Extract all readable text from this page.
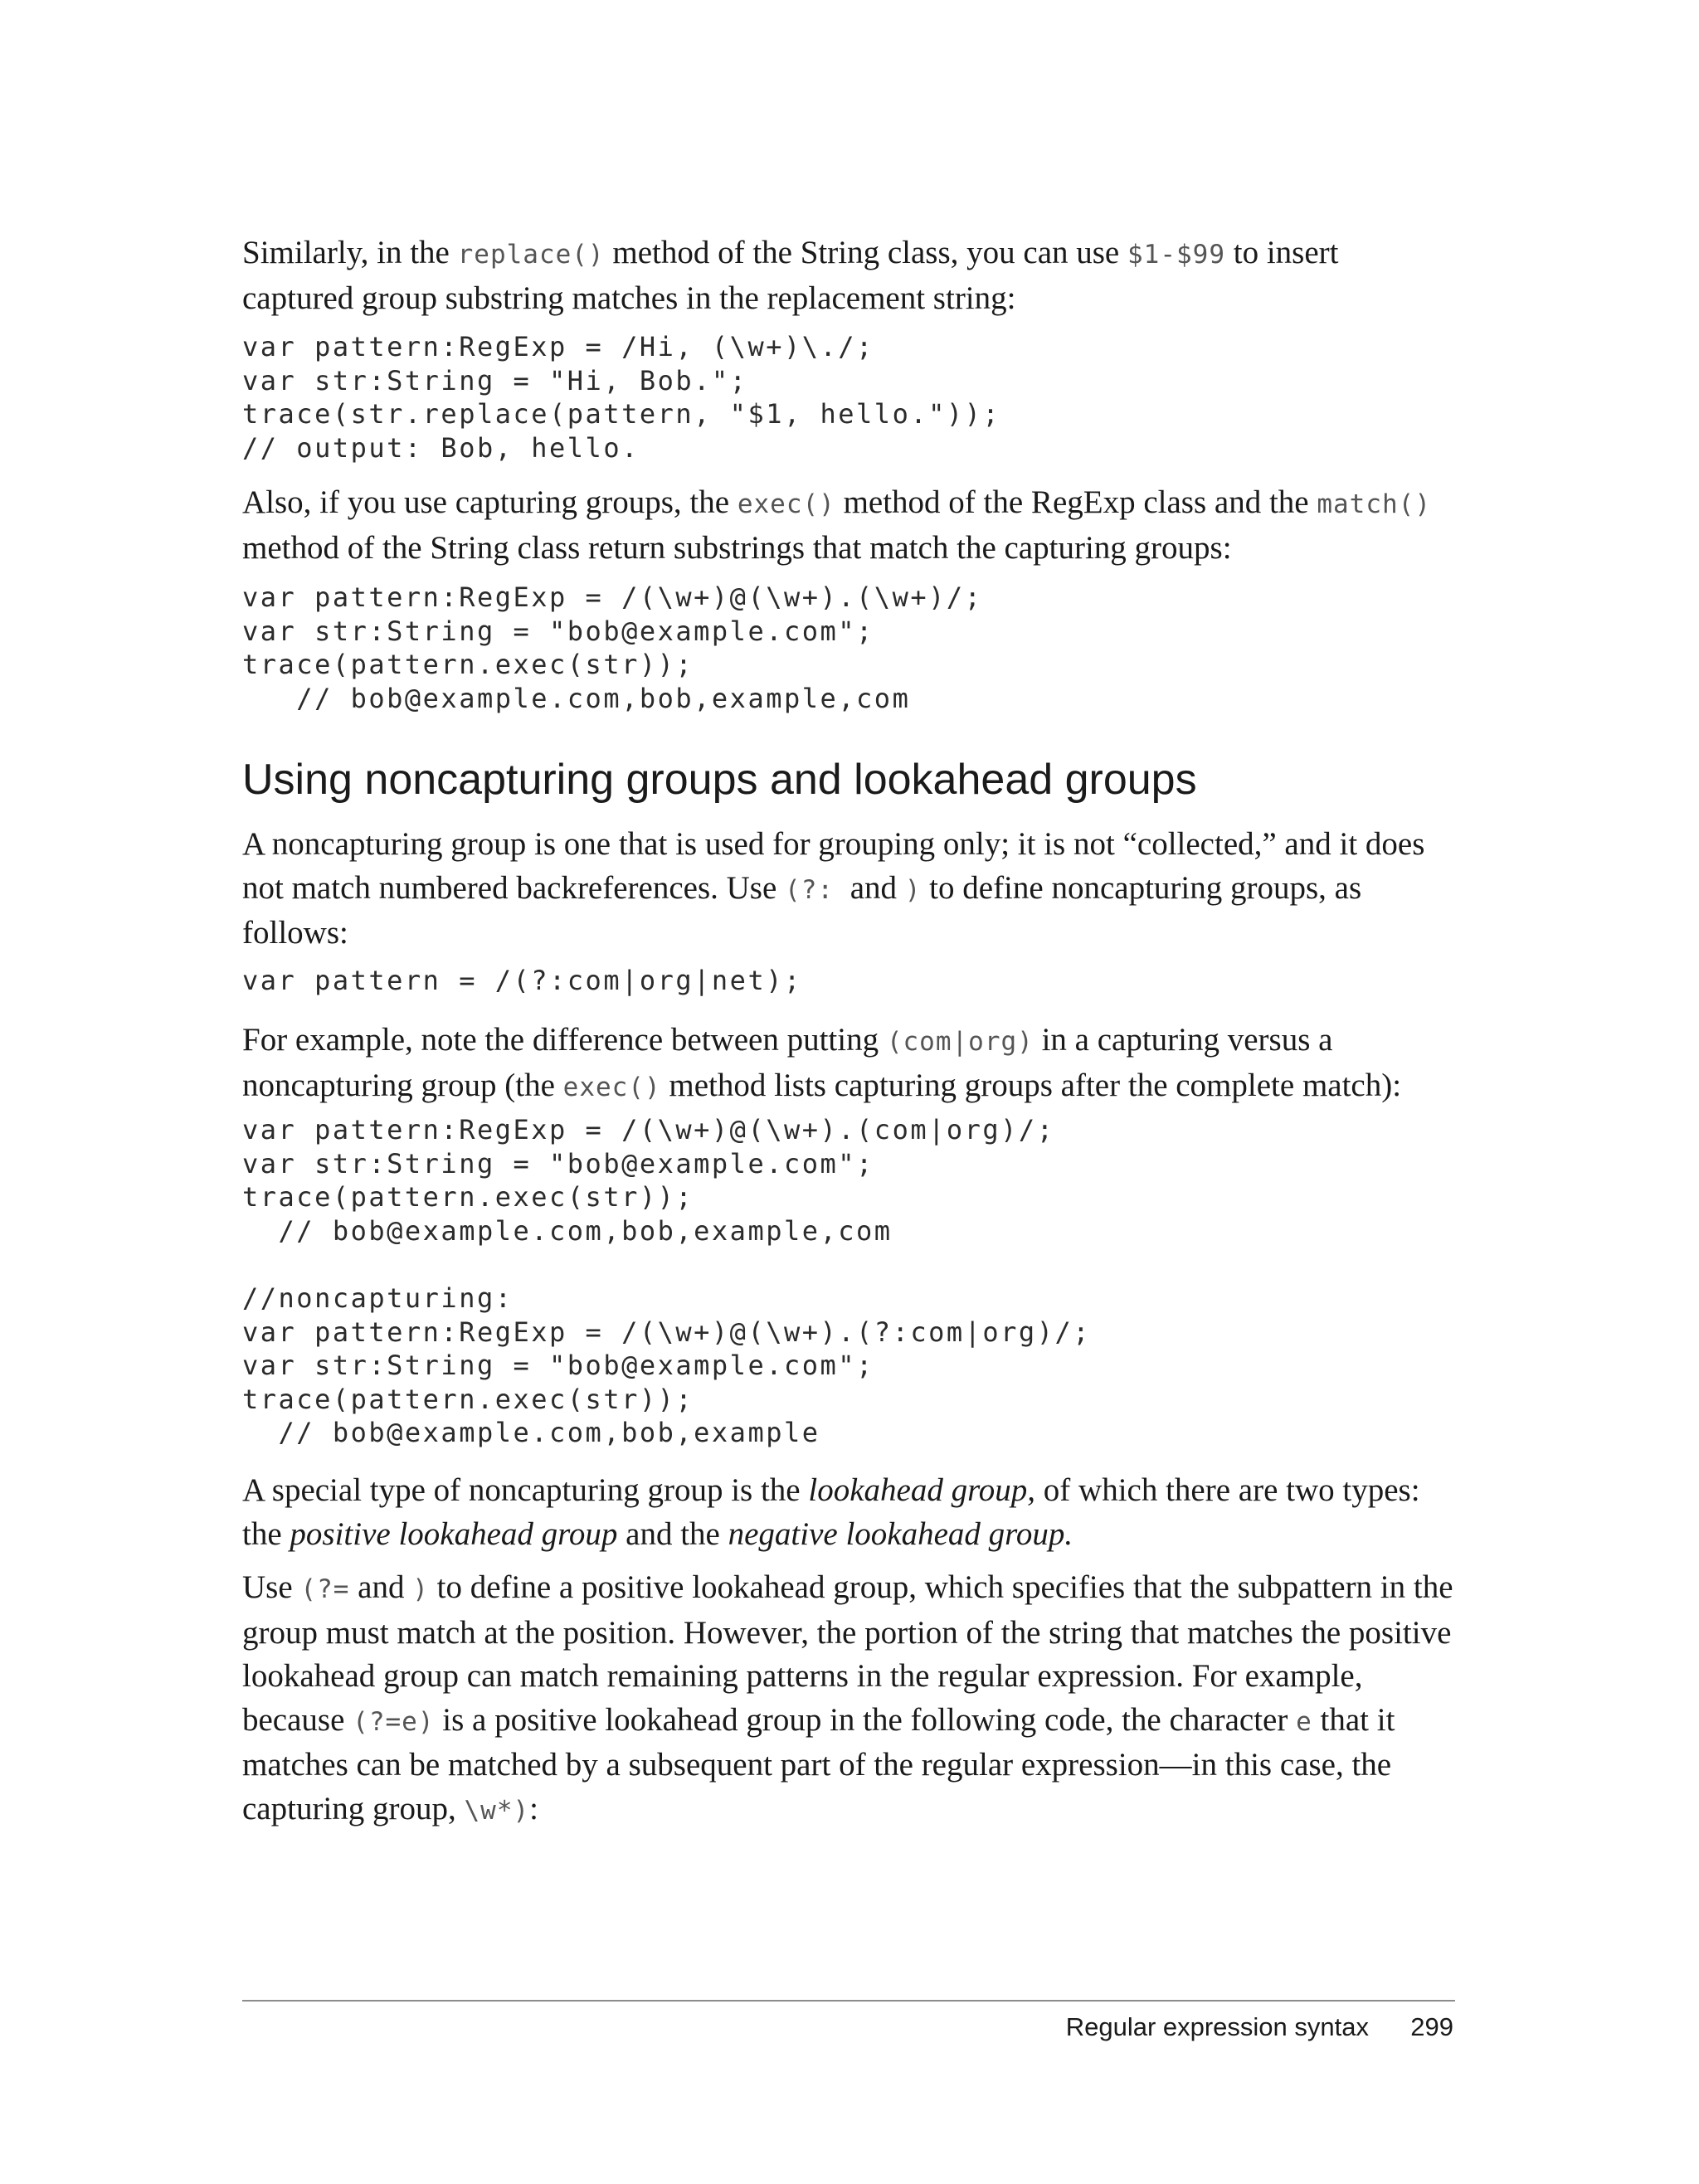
Similarly, in the replace() method of the String class, you can use $1-$99 to insert captured group substring matches in the replacement string:

var pattern:RegExp = /Hi, (\w+)\./;
var str:String = "Hi, Bob.";
trace(str.replace(pattern, "$1, hello."));
// output: Bob, hello.

Also, if you use capturing groups, the exec() method of the RegExp class and the match() method of the String class return substrings that match the capturing groups:

var pattern:RegExp = /(\w+)@(\w+).(\w+)/;
var str:String = "bob@example.com";
trace(pattern.exec(str));
// bob@example.com,bob,example,com
Using noncapturing groups and lookahead groups

A noncapturing group is one that is used for grouping only; it is not “collected,” and it does not match numbered backreferences. Use (?: and ) to define noncapturing groups, as follows:

var pattern = /(?:com|org|net);

For example, note the difference between putting (com|org) in a capturing versus a noncapturing group (the exec() method lists capturing groups after the complete match):

var pattern:RegExp = /(\w+)@(\w+).(com|org)/;
var str:String = "bob@example.com";
trace(pattern.exec(str));
// bob@example.com,bob,example,com

//noncapturing:
var pattern:RegExp = /(\w+)@(\w+).(?:com|org)/;
var str:String = "bob@example.com";
trace(pattern.exec(str));
// bob@example.com,bob,example

A special type of noncapturing group is the lookahead group, of which there are two types: the positive lookahead group and the negative lookahead group.

Use (?= and ) to define a positive lookahead group, which specifies that the subpattern in the group must match at the position. However, the portion of the string that matches the positive lookahead group can match remaining patterns in the regular expression. For example, because (?=e) is a positive lookahead group in the following code, the character e that it matches can be matched by a subsequent part of the regular expression—in this case, the capturing group, \w*):

Regular expression syntax 299
